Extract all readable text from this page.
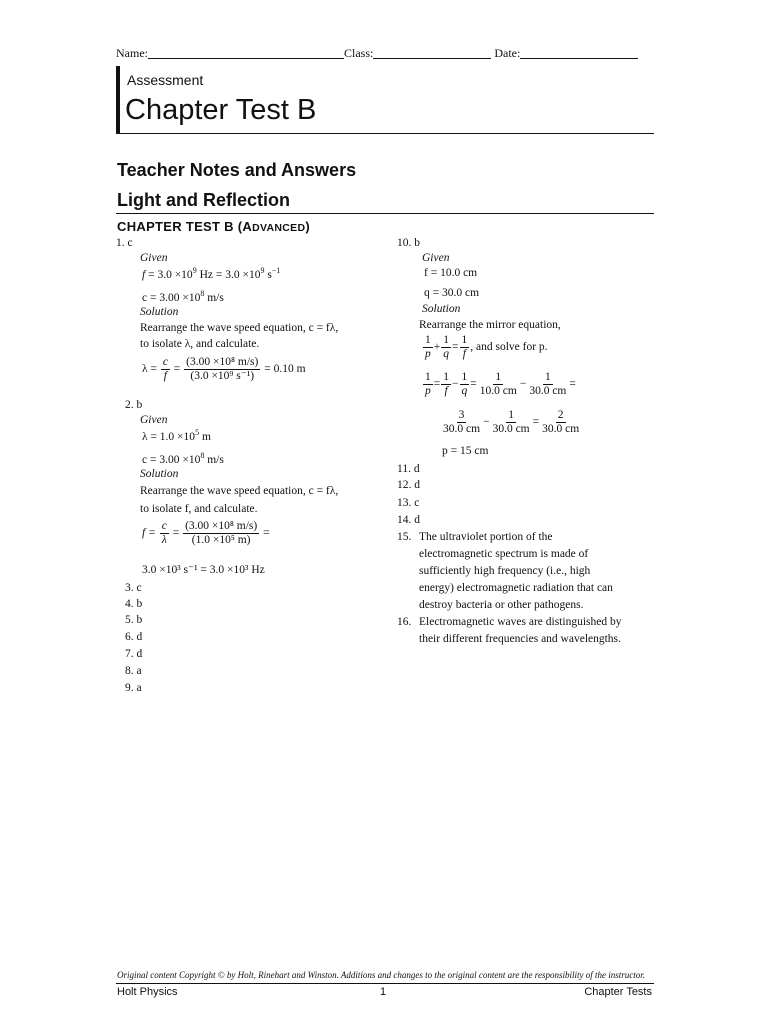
Name:	Class:	Date:
Assessment
Chapter Test B
Teacher Notes and Answers
Light and Reflection
CHAPTER TEST B (ADVANCED)
1. c
Given
$f = 3.0 \times 10^9$ $Hz = 3.0 \times 10^9$ $s^{-1}$
$c = 3.00 \times 10^8$ m/s
Solution
Rearrange the wave speed equation, c = fλ,
to isolate λ, and calculate.
$\lambda = \frac{c}{f} = \frac{\text{(3.00 ×10⁸ m/s)}}{\text{(3.0 ×10⁹ s⁻¹)}} = 0.10$ m
2. b
Given
$\lambda = 1.0 \times 10^5$ m
$c = 3.00 \times 10^8$ m/s
Solution
Rearrange the wave speed equation, c = fλ,
to isolate f, and calculate.
$f = \frac{c}{\lambda} = \frac{\text{(3.00 ×10⁸ m/s)}}{\text{(1.0 ×10⁵ m)}}$ =
3.0 ×10³ s⁻¹ = 3.0 ×10³ Hz
3. c
4. b
5. b
6. d
7. d
8. a
9. a
10. b
Given
f = 10.0 cm
q = 30.0 cm
Solution
Rearrange the mirror equation,
$\frac{1}{p} + \frac{1}{q} = \frac{1}{f}$ , and solve for p.
$\frac{1}{p} = \frac{1}{f} - \frac{1}{q} = \frac{1}{10.0 cm} - \frac{1}{30.0 cm}$ =
$\frac{3}{30.0 cm} - \frac{1}{30.0 cm} = \frac{2}{30.0 cm}$
p = 15 cm
11. d
12. d
13. c
14. d
15. The ultraviolet portion of the
electromagnetic spectrum is made of
sufficiently high frequency (i.e., high
energy) electromagnetic radiation that can
destroy bacteria or other pathogens.
16. Electromagnetic waves are distinguished by
their different frequencies and wavelengths.
Original content Copyright © by Holt, Rinehart and Winston. Additions and changes to the original content are the responsibility of the instructor.
Holt Physics	1	Chapter Tests
